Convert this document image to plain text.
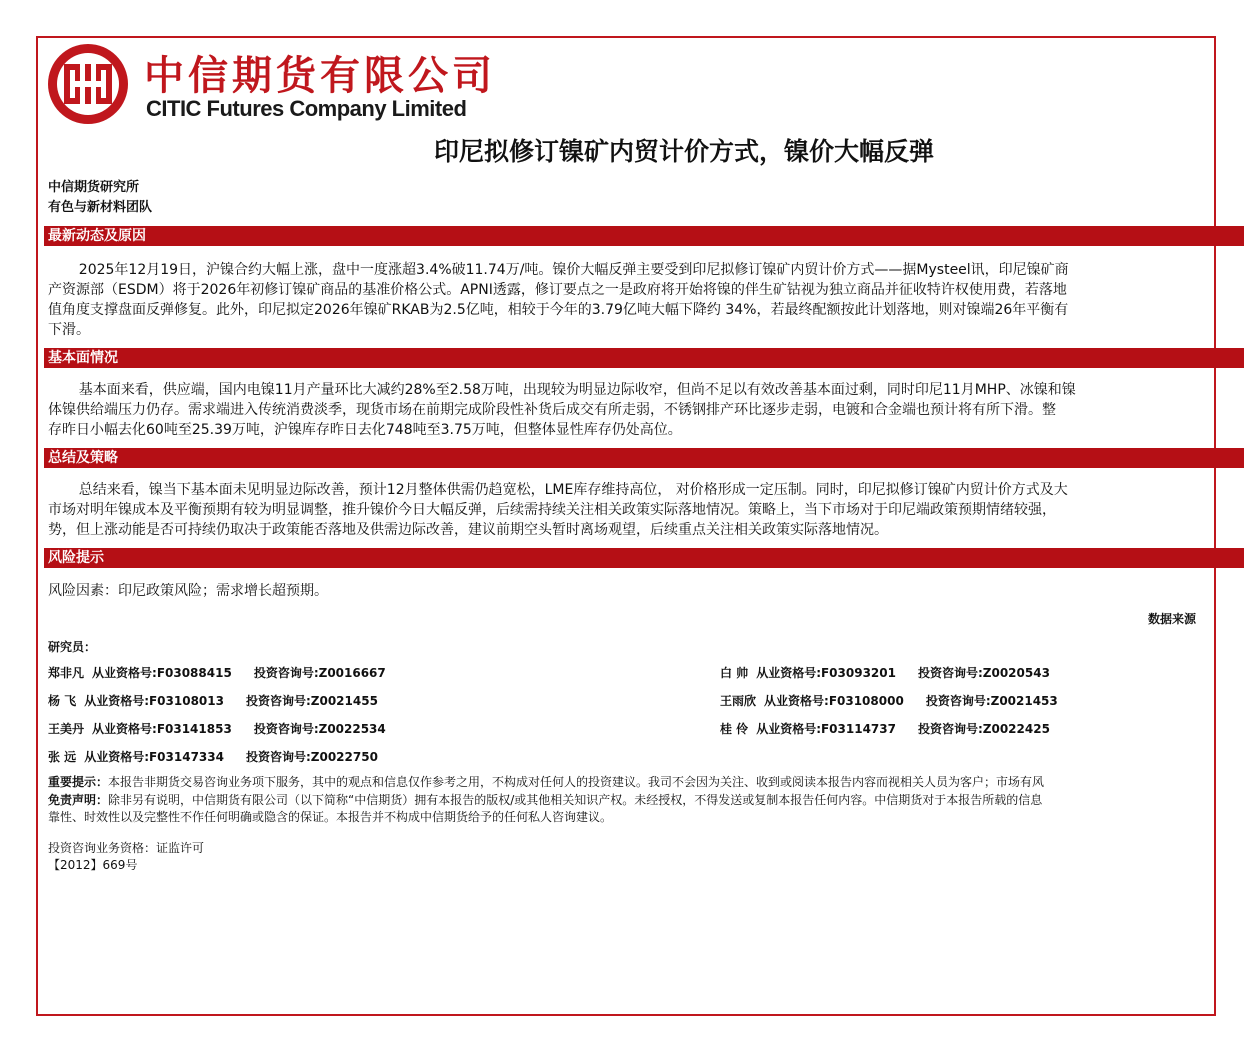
中信期货有限公司
CITIC Futures Company Limited
印尼拟修订镍矿内贸计价方式，镍价大幅反弹
中信期货研究所
有色与新材料团队
最新动态及原因
2025年12月19日，沪镍合约大幅上涨，盘中一度涨超3.4%破11.74万/吨。镍价大幅反弹主要受到印尼拟修订镍矿内贸计价方式——据Mysteel讯，印尼镍矿商
产资源部（ESDM）将于2026年初修订镍矿商品的基准价格公式。APNI透露，修订要点之一是政府将开始将镍的伴生矿钴视为独立商品并征收特许权使用费，若落地
值角度支撑盘面反弹修复。此外，印尼拟定2026年镍矿RKAB为2.5亿吨，相较于今年的3.79亿吨大幅下降约 34%，若最终配额按此计划落地，则对镍端26年平衡有
下滑。
基本面情况
基本面来看，供应端，国内电镍11月产量环比大减约28%至2.58万吨，出现较为明显边际收窄，但尚不足以有效改善基本面过剩，同时印尼11月MHP、冰镍和镍
体镍供给端压力仍存。需求端进入传统消费淡季，现货市场在前期完成阶段性补货后成交有所走弱，不锈钢排产环比逐步走弱，电镀和合金端也预计将有所下滑。整
存昨日小幅去化60吨至25.39万吨，沪镍库存昨日去化748吨至3.75万吨，但整体显性库存仍处高位。
总结及策略
总结来看，镍当下基本面未见明显边际改善，预计12月整体供需仍趋宽松，LME库存维持高位， 对价格形成一定压制。同时，印尼拟修订镍矿内贸计价方式及大
市场对明年镍成本及平衡预期有较为明显调整，推升镍价今日大幅反弹，后续需持续关注相关政策实际落地情况。策略上，当下市场对于印尼端政策预期情绪较强，
势，但上涨动能是否可持续仍取决于政策能否落地及供需边际改善，建议前期空头暂时离场观望，后续重点关注相关政策实际落地情况。
风险提示
风险因素：印尼政策风险；需求增长超预期。
数据来源
研究员：
郑非凡 从业资格号:F03088415 投资咨询号:Z0016667
杨 飞 从业资格号:F03108013 投资咨询号:Z0021455
王美丹 从业资格号:F03141853 投资咨询号:Z0022534
张 远 从业资格号:F03147334 投资咨询号:Z0022750
白 帅 从业资格号:F03093201 投资咨询号:Z0020543
王雨欣 从业资格号:F03108000 投资咨询号:Z0021453
桂 伶 从业资格号:F03114737 投资咨询号:Z0022425
重要提示：本报告非期货交易咨询业务项下服务，其中的观点和信息仅作参考之用，不构成对任何人的投资建议。我司不会因为关注、收到或阅读本报告内容而视相关人员为客户；市场有风
免责声明：除非另有说明，中信期货有限公司（以下简称“中信期货）拥有本报告的版权/或其他相关知识产权。未经授权，不得发送或复制本报告任何内容。中信期货对于本报告所载的信息
靠性、时效性以及完整性不作任何明确或隐含的保证。本报告并不构成中信期货给予的任何私人咨询建议。
投资咨询业务资格：证监许可
【2012】669号
